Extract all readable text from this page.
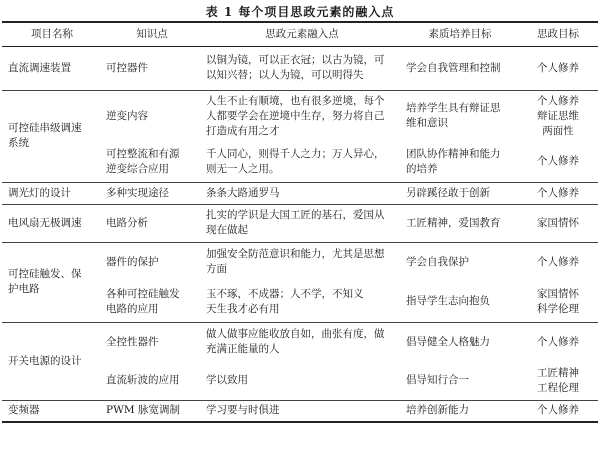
表 1 每个项目思政元素的融入点
项目名称	知识点	思政元素融入点	素质培养目标	思政目标

直流调速装置	可控器件	以铜为镜，可以正衣冠；以古为镜，可
以知兴替；以人为镜，可以明得失	学会自我管理和控制	个人修养

可控硅串级调速
系统	逆变内容	人生不止有顺境，也有很多逆境，每个
人都要学会在逆境中生存，努力将自己
打造成有用之才	培养学生具有辩证思
维和意识	个人修养
辩证思维
两面性

	可控整流和有源
逆变综合应用	千人同心，则得千人之力；万人异心，
则无一人之用。	团队协作精神和能力
的培养	个人修养

调光灯的设计	多种实现途径	条条大路通罗马	另辟蹊径敢于创新	个人修养

电风扇无极调速	电路分析	扎实的学识是大国工匠的基石，爱国从
现在做起	工匠精神，爱国教育	家国情怀

可控硅触发、保
护电路	器件的保护	加强安全防范意识和能力，尤其是思想
方面	学会自我保护	个人修养

	各种可控硅触发
电路的应用	玉不琢，不成器；人不学，不知义
天生我才必有用	指导学生志向抱负	家国情怀
科学伦理

开关电源的设计	全控性器件	做人做事应能收放自如，曲张有度，做
充满正能量的人	倡导健全人格魅力	个人修养

	直流斩波的应用	学以致用	倡导知行合一	工匠精神
工程伦理

变频器	PWM 脉宽调制	学习要与时俱进	培养创新能力	个人修养
